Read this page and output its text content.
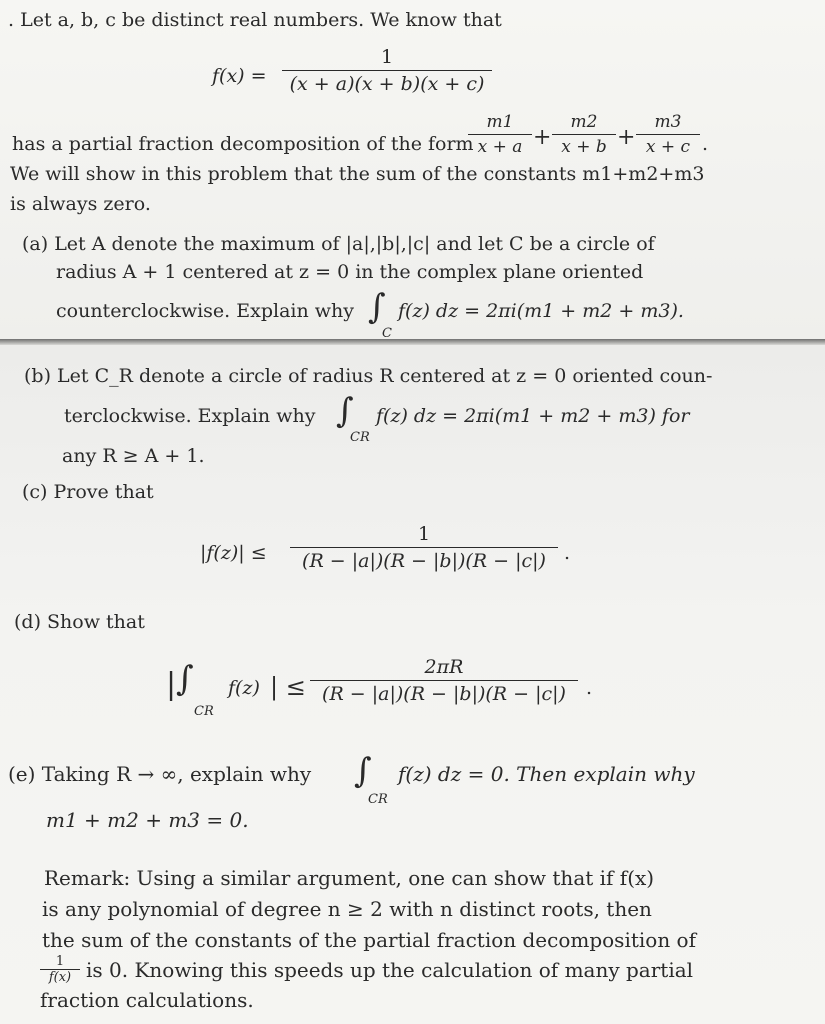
. Let a, b, c be distinct real numbers. We know that
f(x) =
1
(x + a)(x + b)(x + c)
has a partial fraction decomposition of the form
m1
x + a +
m2
x + b +
m3
x + c .
We will show in this problem that the sum of the constants m1+m2+m3
is always zero.
(a) Let A denote the maximum of |a|,|b|,|c| and let C be a circle of
radius A + 1 centered at z = 0 in the complex plane oriented
counterclockwise. Explain why ∫
C
f(z) dz = 2πi(m1 + m2 + m3).
(b) Let C_R denote a circle of radius R centered at z = 0 oriented coun-
terclockwise. Explain why ∫
CR
f(z) dz = 2πi(m1 + m2 + m3) for
any R ≥ A + 1.
(c) Prove that
|f(z)| ≤
1
(R − |a|)(R − |b|)(R − |c|) .
(d) Show that
| ∫
CR
f(z) | ≤
2πR
(R − |a|)(R − |b|)(R − |c|)	.
(e) Taking R → ∞, explain why ∫
CR
f(z) dz = 0. Then explain why
m1 + m2 + m3 = 0.
Remark: Using a similar argument, one can show that if f(x)
is any polynomial of degree n ≥ 2 with n distinct roots, then
the sum of the constants of the partial fraction decomposition of
1
f(x) is 0. Knowing this speeds up the calculation of many partial
fraction calculations.
